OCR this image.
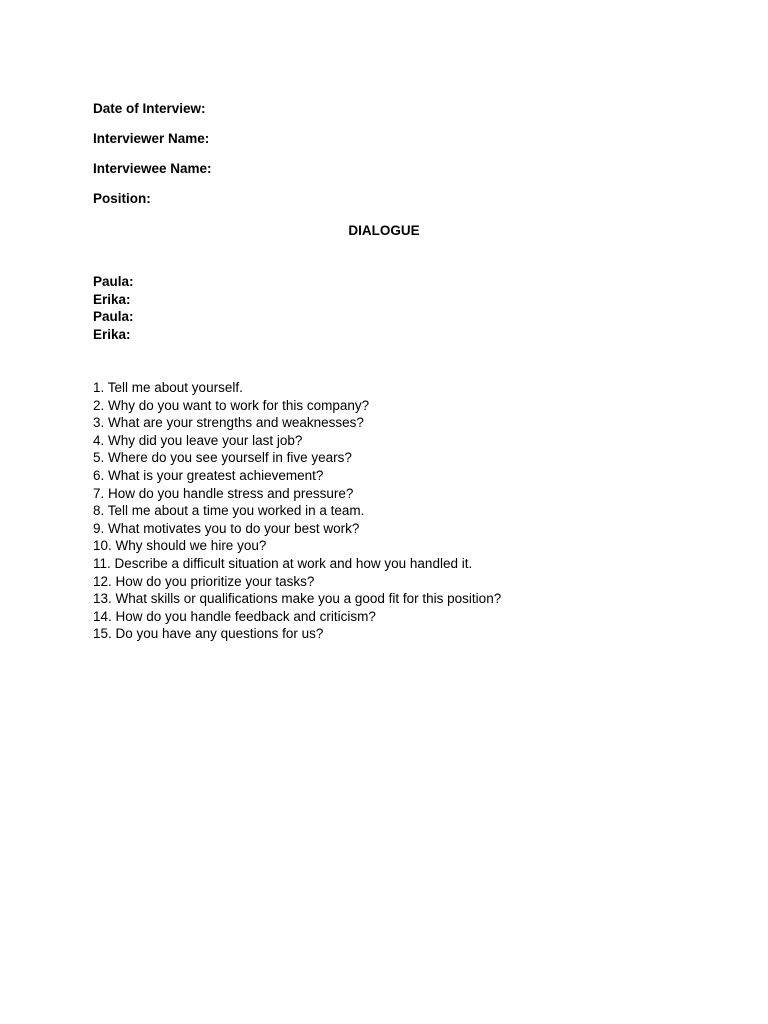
Date of Interview:
Interviewer Name:
Interviewee Name:
Position:
DIALOGUE
Paula:
Erika:
Paula:
Erika:
1. Tell me about yourself.
2. Why do you want to work for this company?
3. What are your strengths and weaknesses?
4. Why did you leave your last job?
5. Where do you see yourself in five years?
6. What is your greatest achievement?
7. How do you handle stress and pressure?
8. Tell me about a time you worked in a team.
9. What motivates you to do your best work?
10. Why should we hire you?
11. Describe a difficult situation at work and how you handled it.
12. How do you prioritize your tasks?
13. What skills or qualifications make you a good fit for this position?
14. How do you handle feedback and criticism?
15. Do you have any questions for us?
